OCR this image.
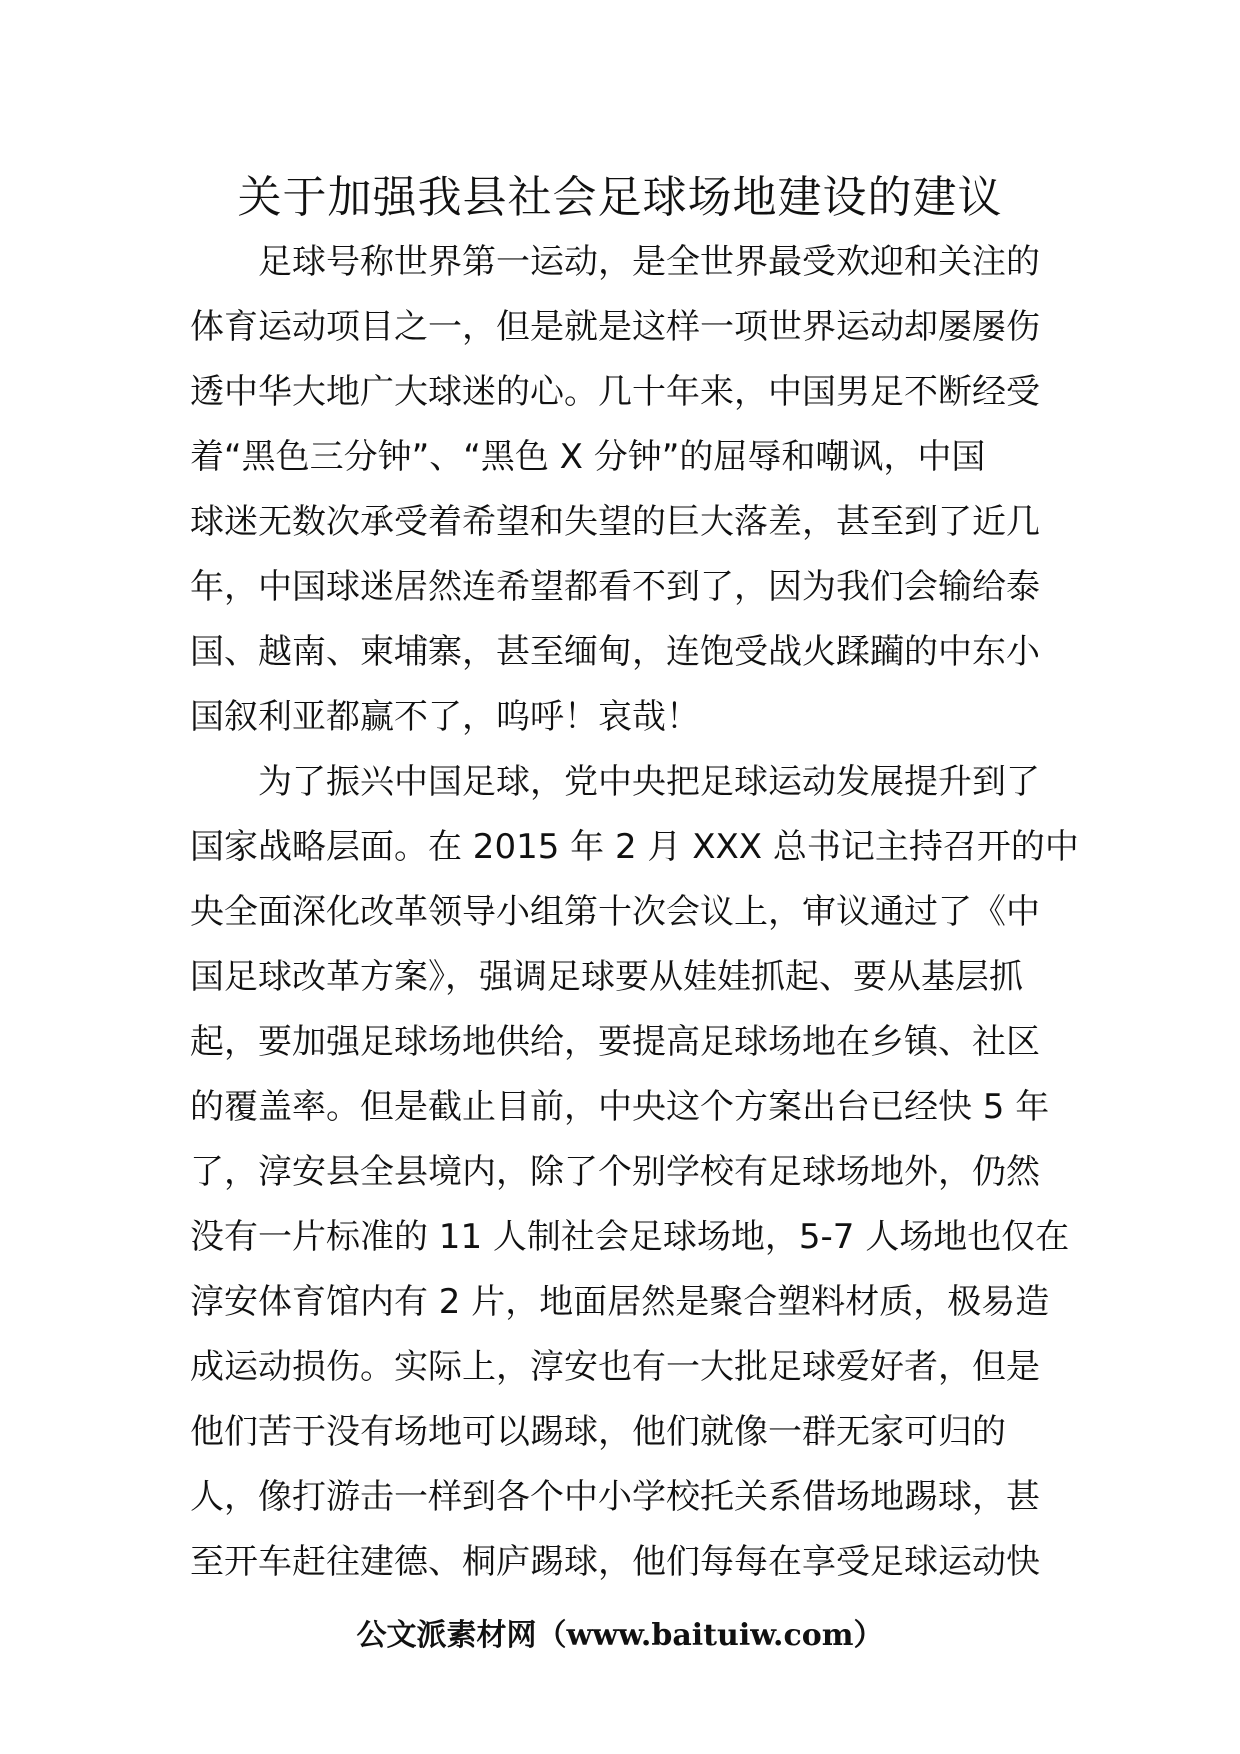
关于加强我县社会足球场地建设的建议

足球号称世界第一运动，是全世界最受欢迎和关注的
体育运动项目之一，但是就是这样一项世界运动却屡屡伤
透中华大地广大球迷的心。几十年来，中国男足不断经受
着“黑色三分钟”、“黑色 X 分钟”的屈辱和嘲讽，中国
球迷无数次承受着希望和失望的巨大落差，甚至到了近几
年，中国球迷居然连希望都看不到了，因为我们会输给泰
国、越南、柬埔寨，甚至缅甸，连饱受战火蹂躏的中东小
国叙利亚都赢不了，呜呼！哀哉！

为了振兴中国足球，党中央把足球运动发展提升到了
国家战略层面。在 2015 年 2 月 XXX 总书记主持召开的中
央全面深化改革领导小组第十次会议上，审议通过了《中
国足球改革方案》，强调足球要从娃娃抓起、要从基层抓
起，要加强足球场地供给，要提高足球场地在乡镇、社区
的覆盖率。但是截止目前，中央这个方案出台已经快 5 年
了，淳安县全县境内，除了个别学校有足球场地外，仍然
没有一片标准的 11 人制社会足球场地，5-7 人场地也仅在
淳安体育馆内有 2 片，地面居然是聚合塑料材质，极易造
成运动损伤。实际上，淳安也有一大批足球爱好者，但是
他们苦于没有场地可以踢球，他们就像一群无家可归的
人，像打游击一样到各个中小学校托关系借场地踢球，甚
至开车赶往建德、桐庐踢球，他们每每在享受足球运动快

公文派素材网（www.baituiw.com）
